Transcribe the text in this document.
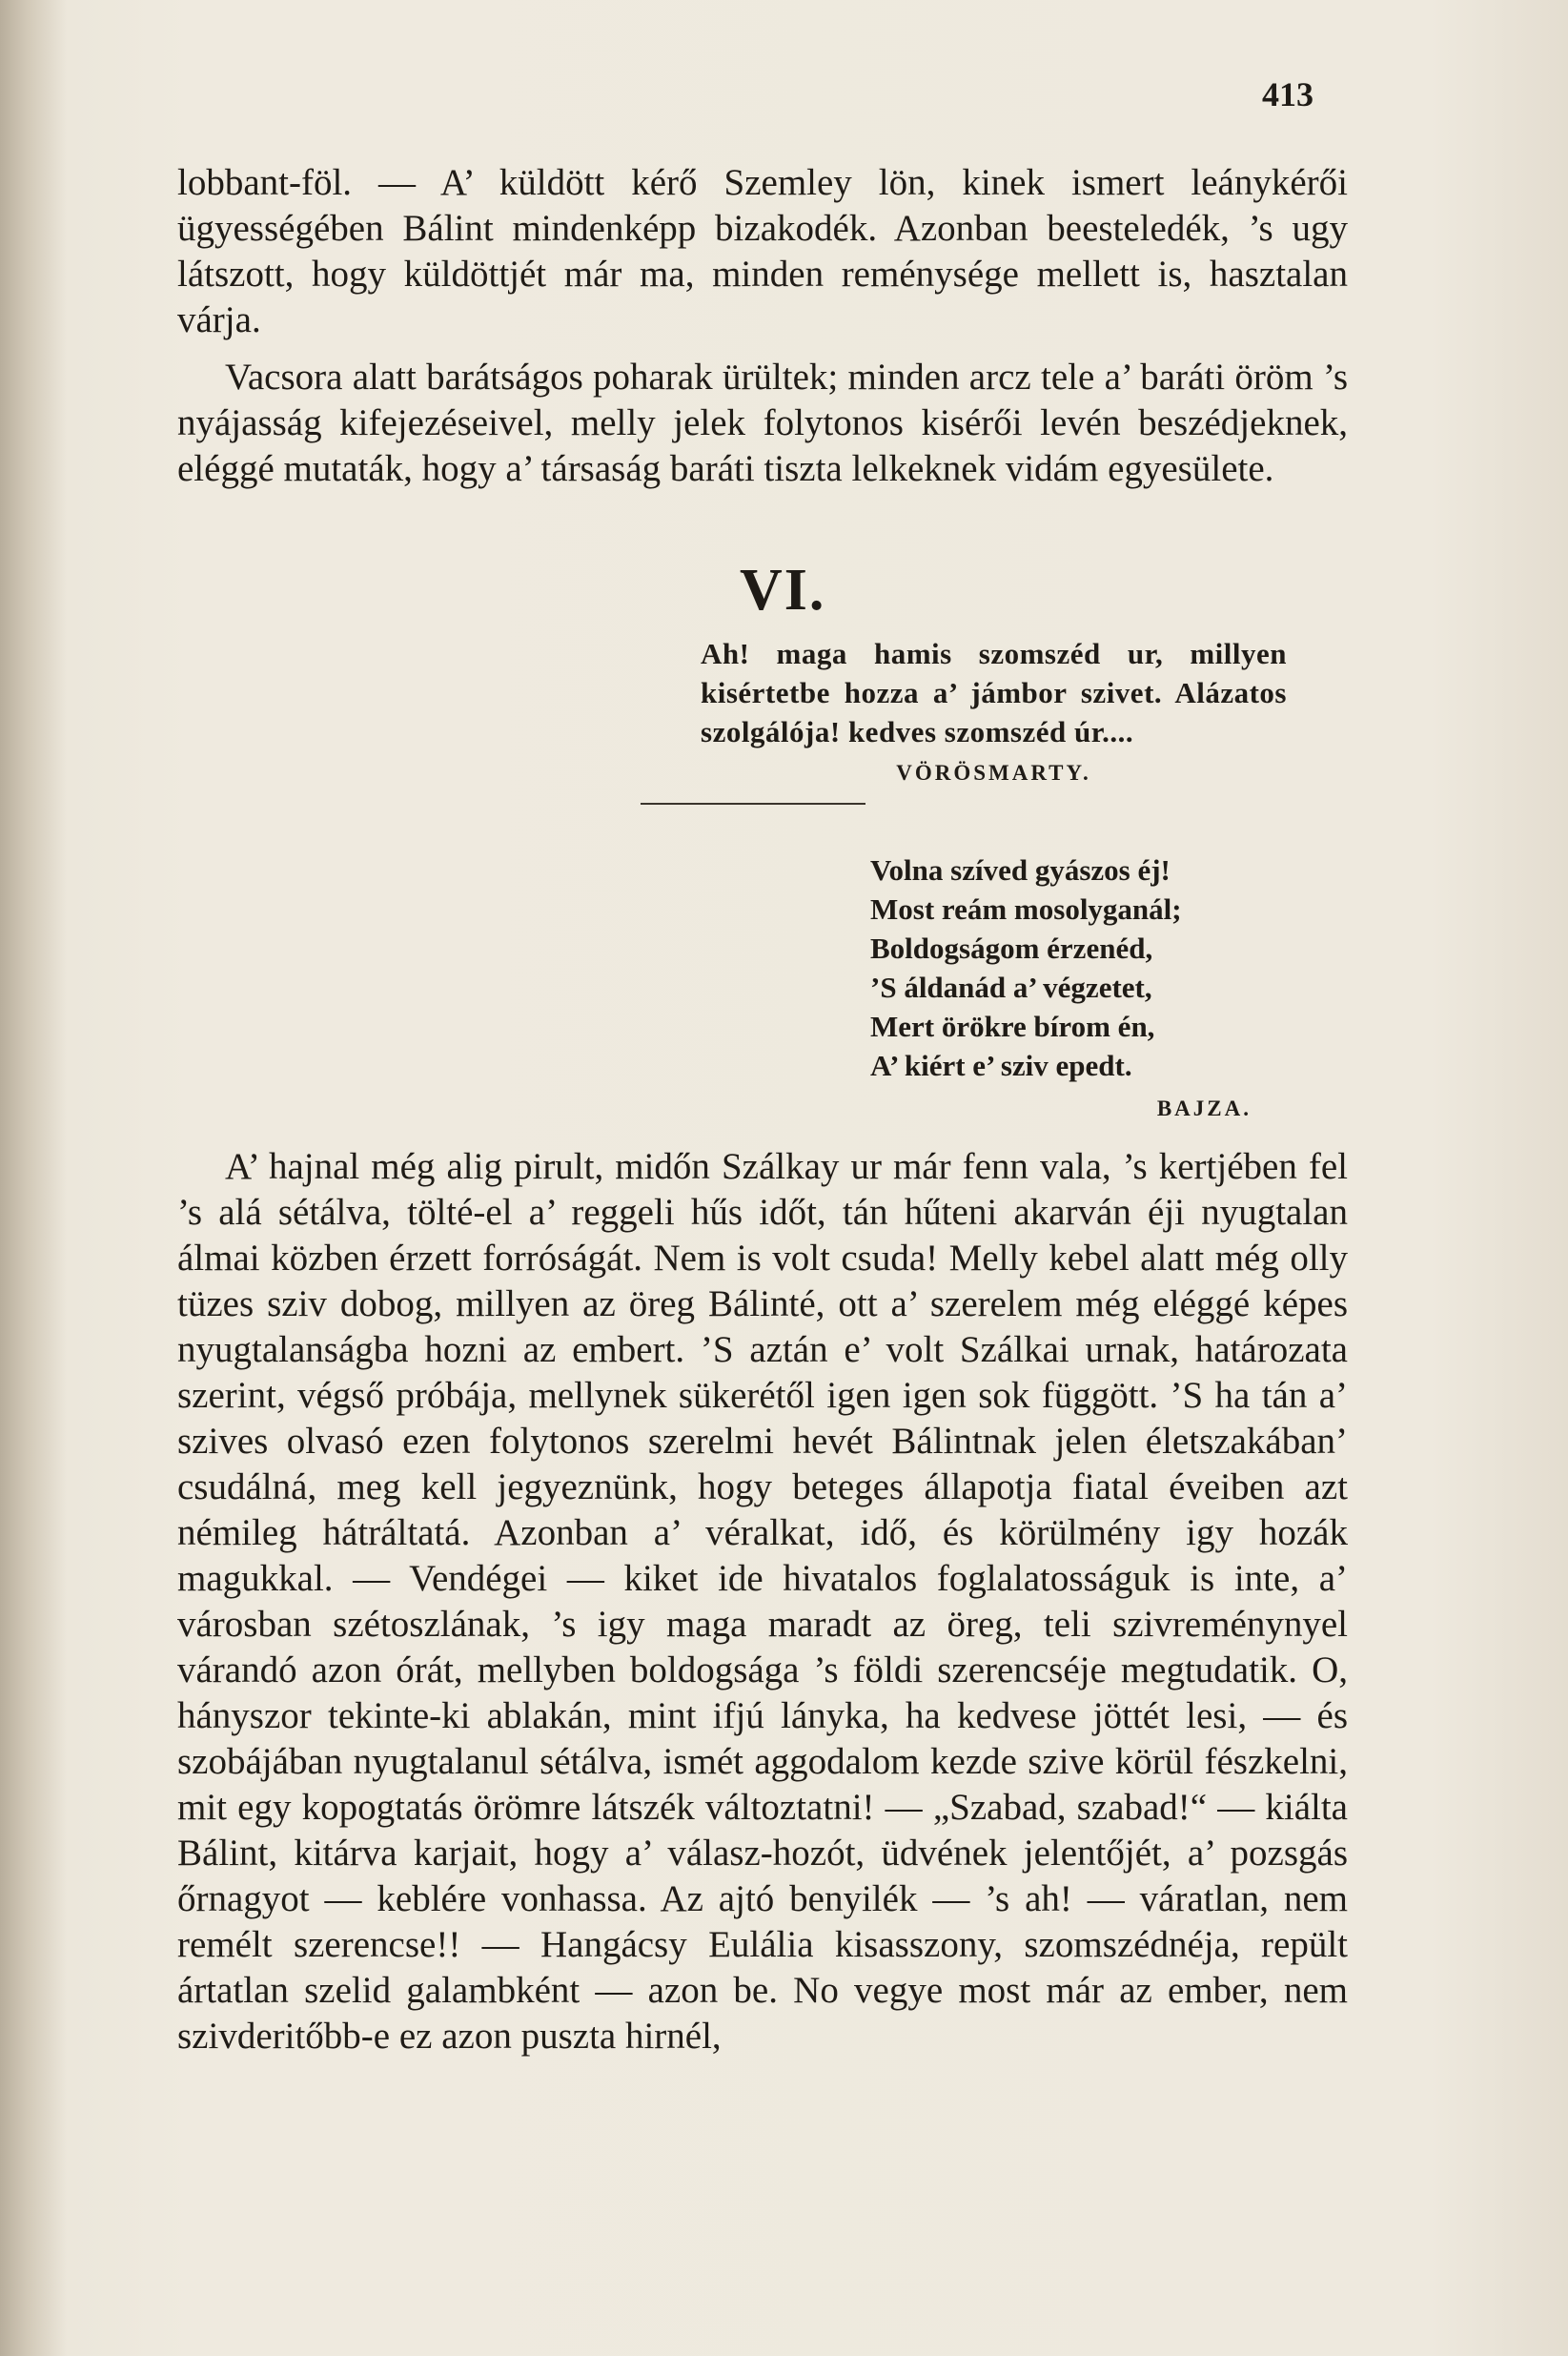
413

lobbant-föl. — A’ küldött kérő Szemley lön, kinek ismert leánykérői ügyességében Bálint mindenképp bizakodék. Azonban beesteledék, ’s ugy látszott, hogy küldöttjét már ma, minden reménysége mellett is, hasztalan várja.

Vacsora alatt barátságos poharak ürültek; minden arcz tele a’ baráti öröm ’s nyájasság kifejezéseivel, melly jelek folytonos kisérői levén beszédjeknek, eléggé mutaták, hogy a’ társaság baráti tiszta lelkeknek vidám egyesülete.

VI.
Ah! maga hamis szomszéd ur, millyen kisértetbe hozza a’ jámbor szivet. Alázatos szolgálója! kedves szomszéd úr....
VÖRÖSMARTY.
Volna szíved gyászos éj!
Most reám mosolyganál;
Boldogságom érzenéd,
’S áldanád a’ végzetet,
Mert örökre bírom én,
A’ kiért e’ sziv epedt.
BAJZA.

A’ hajnal még alig pirult, midőn Szálkay ur már fenn vala, ’s kertjében fel ’s alá sétálva, tölté-el a’ reggeli hűs időt, tán hűteni akarván éji nyugtalan álmai közben érzett forróságát. Nem is volt csuda! Melly kebel alatt még olly tüzes sziv dobog, millyen az öreg Bálinté, ott a’ szerelem még eléggé képes nyugtalanságba hozni az embert. ’S aztán e’ volt Szálkai urnak, határozata szerint, végső próbája, mellynek sükerétől igen igen sok függött. ’S ha tán a’ szives olvasó ezen folytonos szerelmi hevét Bálintnak jelen életszakában’ csudálná, meg kell jegyeznünk, hogy beteges állapotja fiatal éveiben azt némileg hátráltatá. Azonban a’ véralkat, idő, és körülmény igy hozák magukkal. — Vendégei — kiket ide hivatalos foglalatosságuk is inte, a’ városban szétoszlának, ’s igy maga maradt az öreg, teli szivreménynyel várandó azon órát, mellyben boldogsága ’s földi szerencséje megtudatik. O, hányszor tekinte-ki ablakán, mint ifjú lányka, ha kedvese jöttét lesi, — és szobájában nyugtalanul sétálva, ismét aggodalom kezde szive körül fészkelni, mit egy kopogtatás örömre látszék változtatni! — „Szabad, szabad!“ — kiálta Bálint, kitárva karjait, hogy a’ válasz-hozót, üdvének jelentőjét, a’ pozsgás őrnagyot — keblére vonhassa. Az ajtó benyilék — ’s ah! — váratlan, nem remélt szerencse!! — Hangácsy Eulália kisasszony, szomszédnéja, repült ártatlan szelid galambként — azon be. No vegye most már az ember, nem szivderitőbb-e ez azon puszta hirnél,
